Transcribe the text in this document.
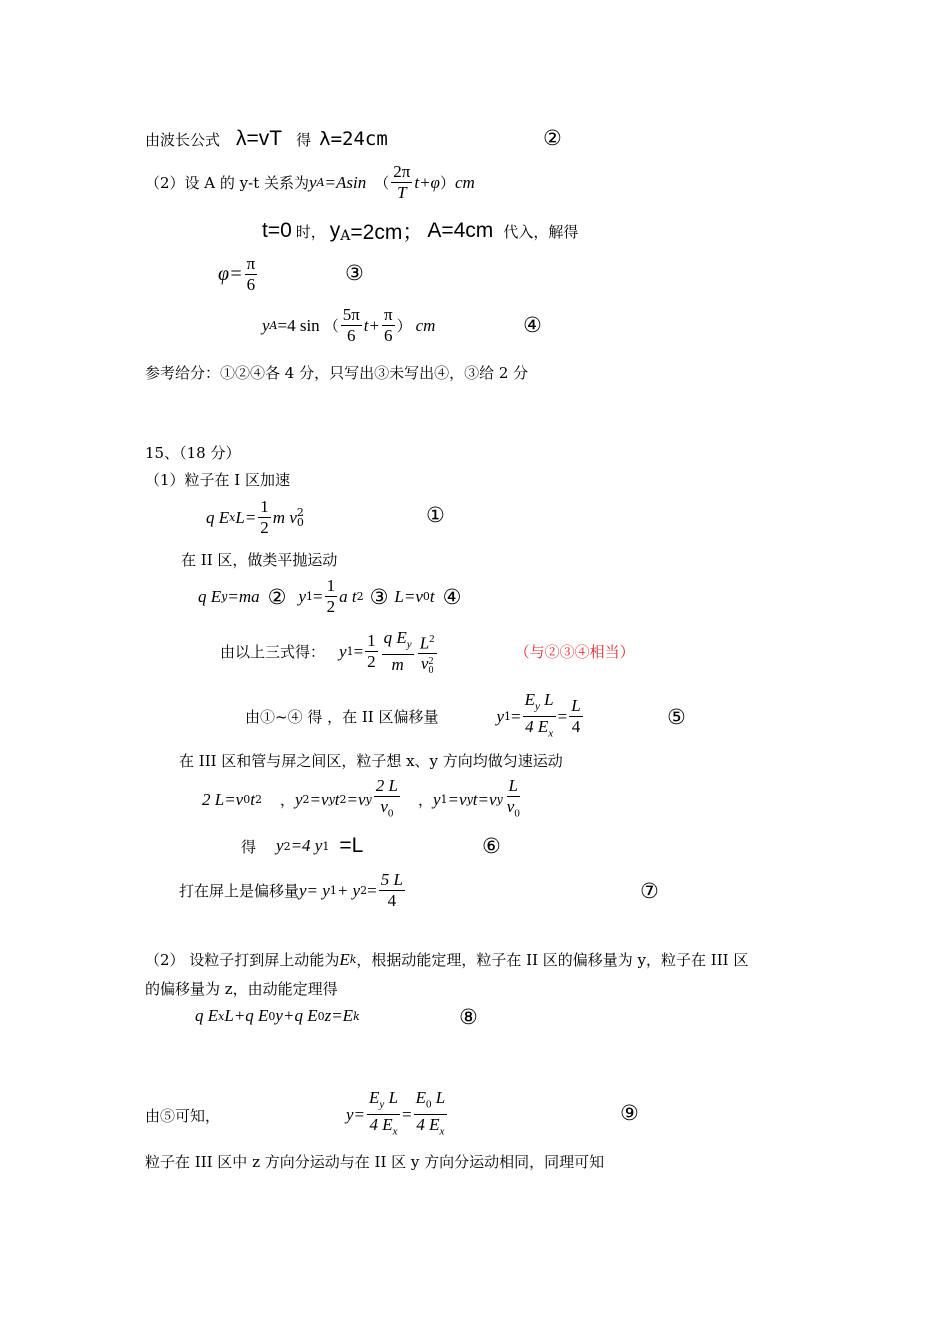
由波长公式 λ=vT 得 λ=24cm	②
（2）设 A 的 y-t 关系为 y A =Asin （ $\frac{2\pi}{T} t+\varphi$ ） cm
t=0 时， y A =2cm； A=4cm 代入，解得
$\varphi= \frac{\pi}{6}$	③
y A =4 sin （ $\frac{5\pi}{6} t+ \frac{\pi}{6}$ ） cm	④
参考给分：①②④各 4 分，只写出③未写出④，③给 2 分
15、（18 分）
（1）粒子在 I 区加速
q E x $L= \frac{1}{2}$ m v 2
0	①
在 II 区，做类平抛运动
q E y =ma ② y $1 = \frac{1}{2}$ a t 2 ③ L=v 0 t ④
由以上三式得： y $1 = \frac{1}{2} \frac{q E_y}{m} L^2$
v 2
0	（与②③④相当）
由①~④ 得 ，在 II 区偏移量	y $1 = \frac{E_y L}{4 E_x} = \frac{L}{4}$	⑤
在 III 区和管与屏之间区，粒子想 x、y 方向均做匀速运动
2 L=v 0 t 2 ， y 2 =v y t 2 =v y $\frac{2 L}{v_0}$ ， y 1 =v y t=v y $\frac{L}{v_0}$
得 y 2 =4 y 1 =L	⑥
打在屏上是偏移量 y= y 1 + y $2 = \frac{5 L}{4}$	⑦
（2） 设粒子打到屏上动能为 E k ，根据动能定理，粒子在 II 区的偏移量为 y，粒子在 III 区
的偏移量为 z，由动能定理得
q E x L+q E 0 y+q E 0 z=E k	⑧
由⑤可知，	$y= \frac{E_y L}{4 E_x} = \frac{E_0 L}{4 E_x}$	⑨
粒子在 III 区中 z 方向分运动与在 II 区 y 方向分运动相同，同理可知
